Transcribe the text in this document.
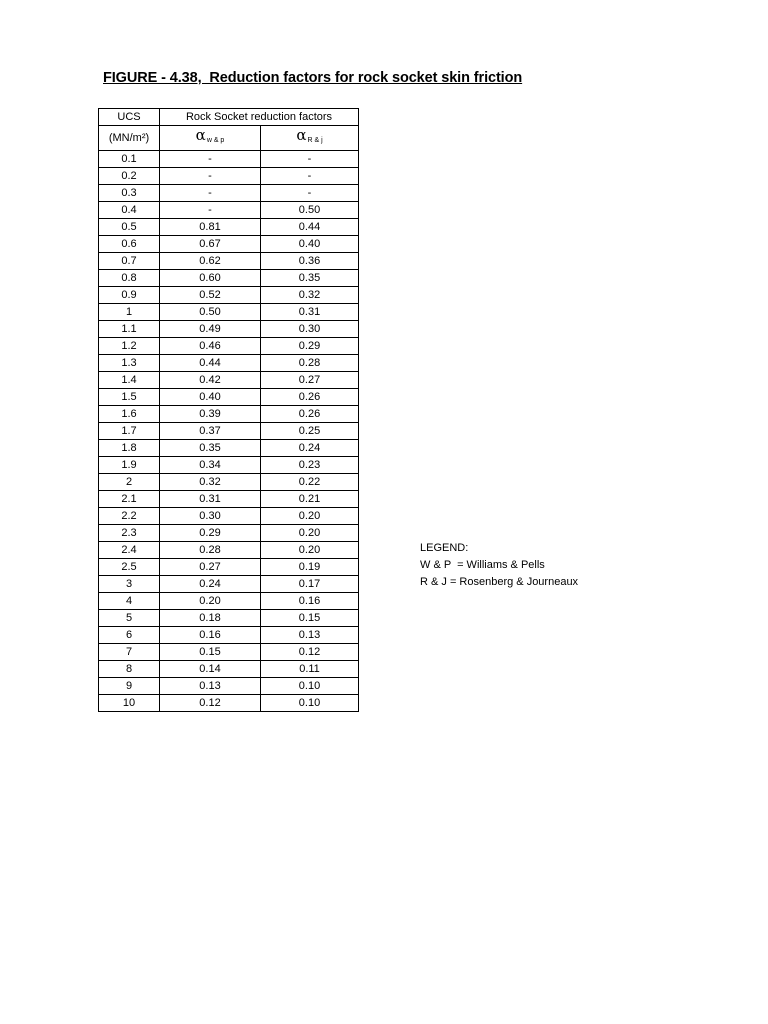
FIGURE - 4.38,  Reduction factors for rock socket skin friction
UCS	Rock Socket reduction factors	
(MN/m²)	αw & p	αR & j
0.1	-	-
0.2	-	-
0.3	-	-
0.4	-	0.50
0.5	0.81	0.44
0.6	0.67	0.40
0.7	0.62	0.36
0.8	0.60	0.35
0.9	0.52	0.32
1	0.50	0.31
1.1	0.49	0.30
1.2	0.46	0.29
1.3	0.44	0.28
1.4	0.42	0.27
1.5	0.40	0.26
1.6	0.39	0.26
1.7	0.37	0.25
1.8	0.35	0.24
1.9	0.34	0.23
2	0.32	0.22
2.1	0.31	0.21
2.2	0.30	0.20
2.3	0.29	0.20
2.4	0.28	0.20
2.5	0.27	0.19
3	0.24	0.17
4	0.20	0.16
5	0.18	0.15
6	0.16	0.13
7	0.15	0.12
8	0.14	0.11
9	0.13	0.10
10	0.12	0.10
LEGEND:
W & P  = Williams & Pells
R & J = Rosenberg & Journeaux
